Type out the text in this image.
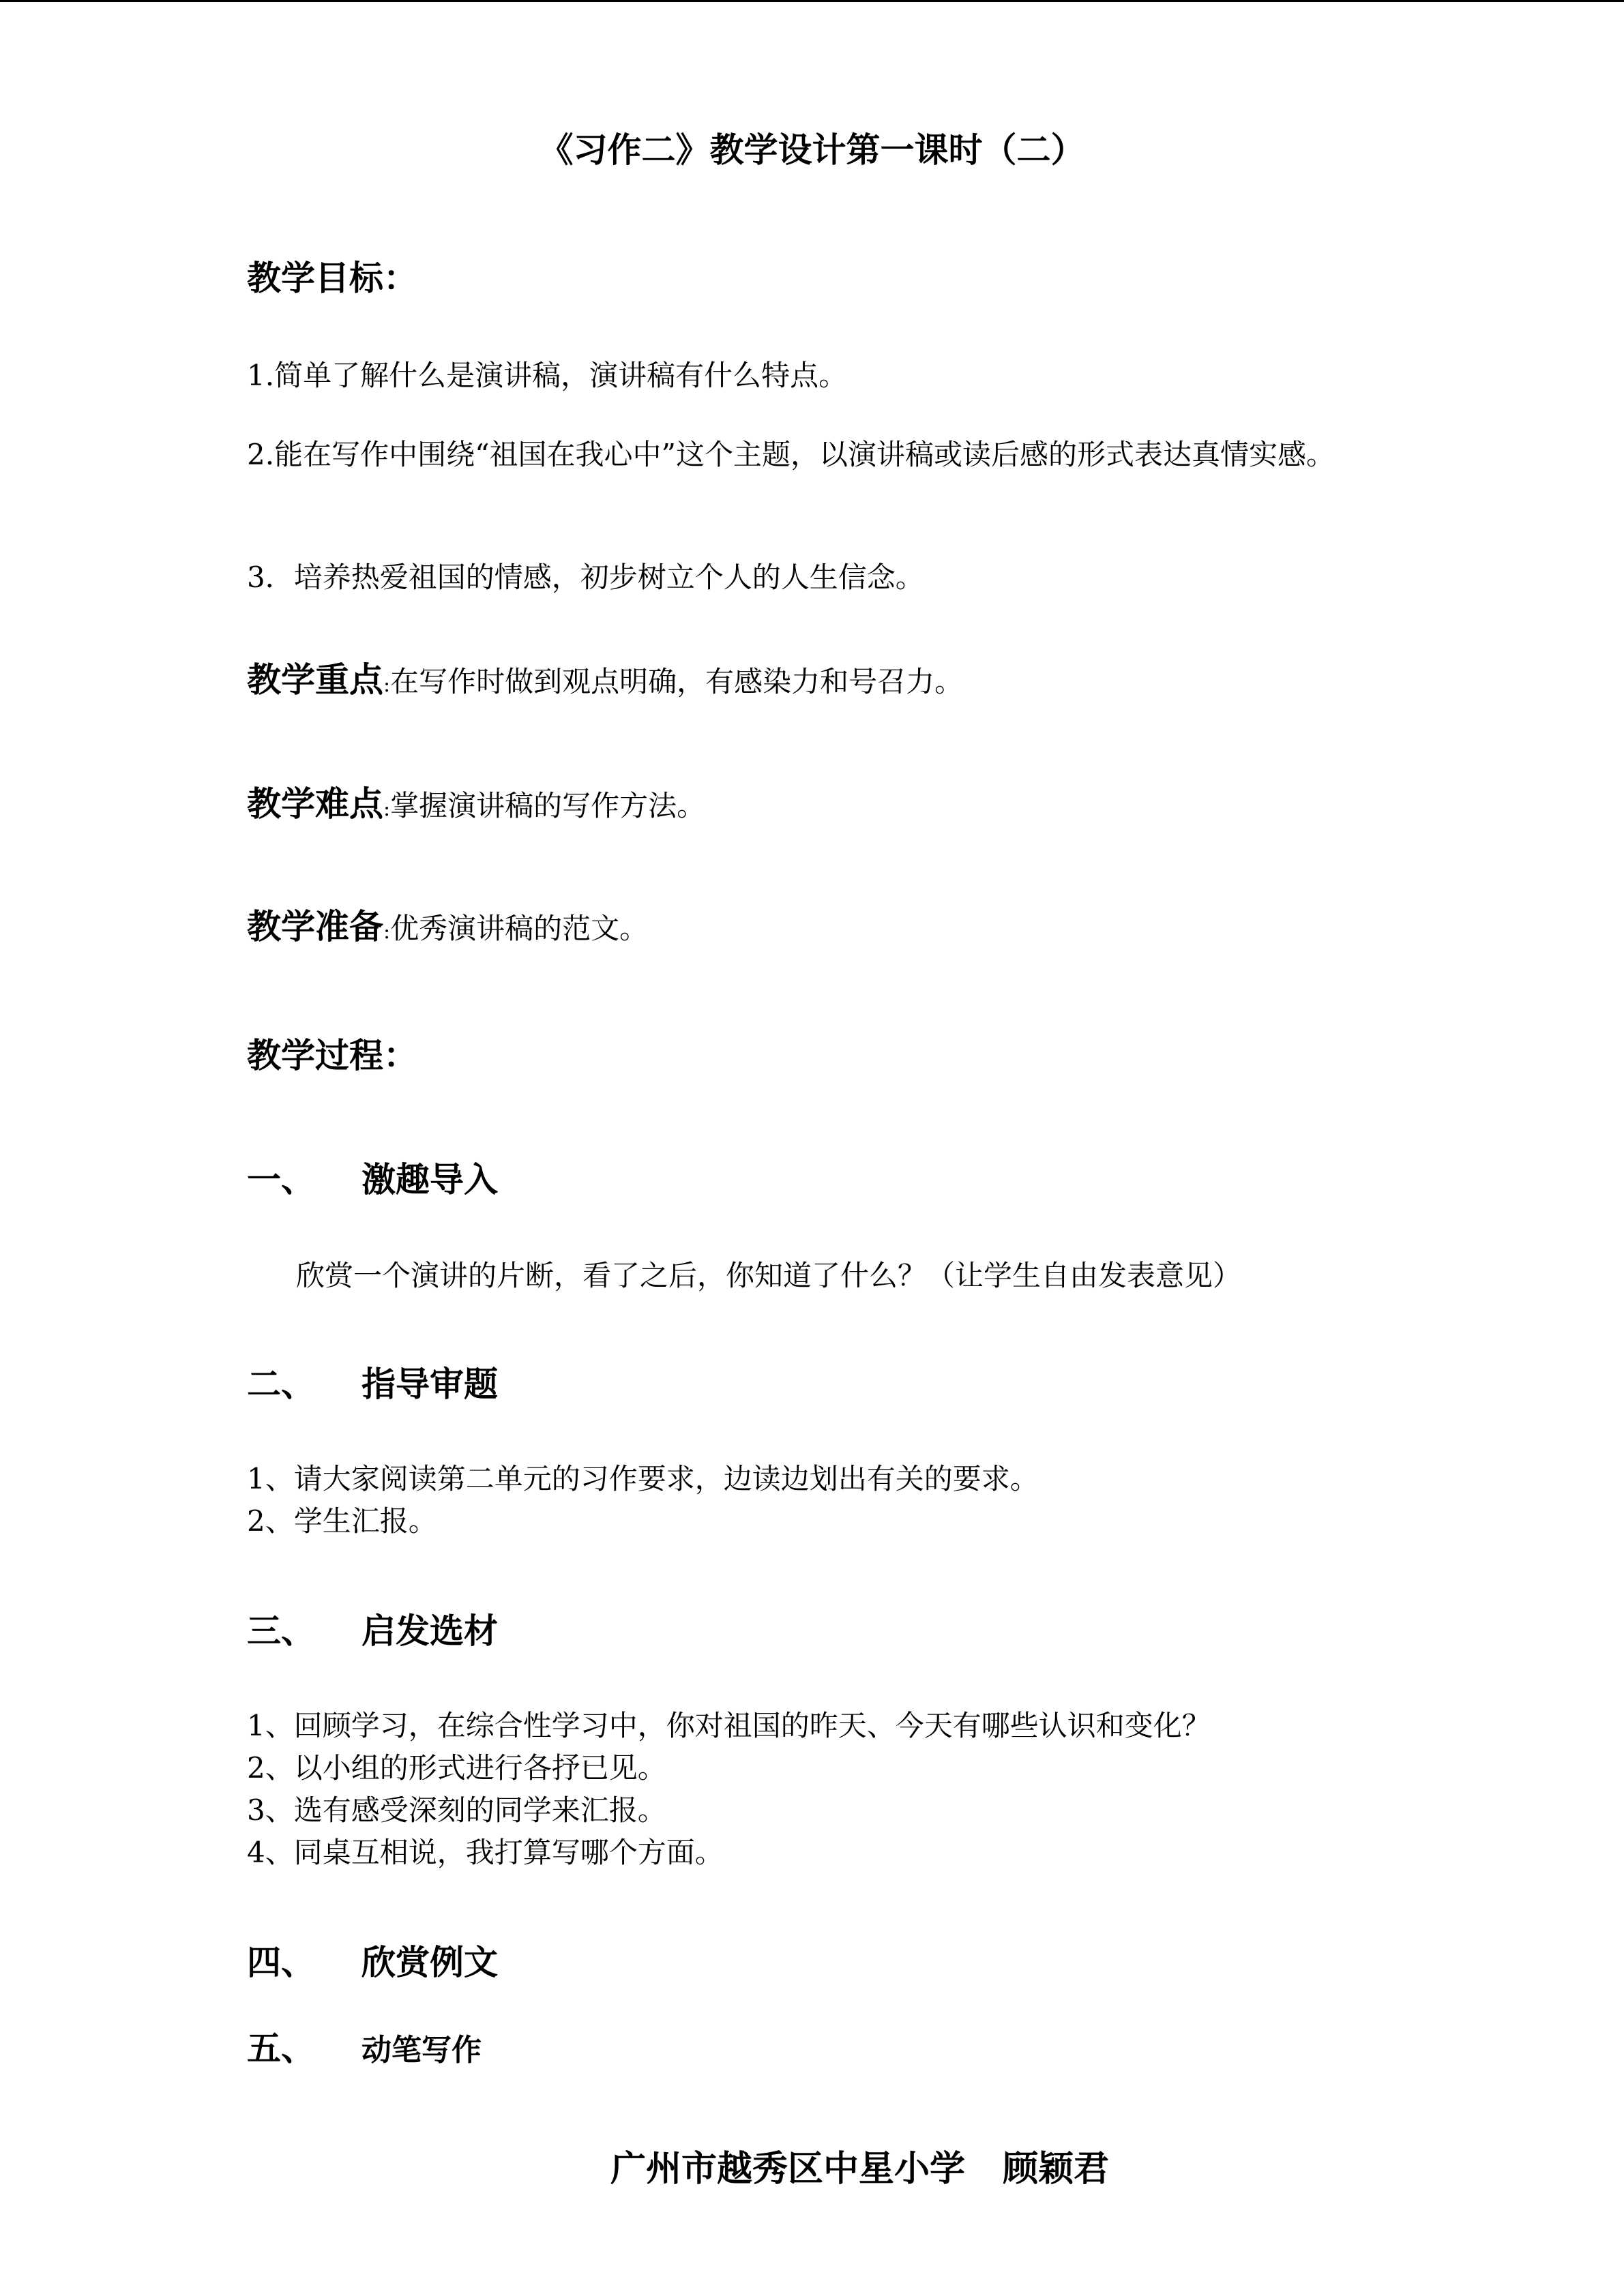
《习作二》教学设计第一课时（二）
教学目标：
1.简单了解什么是演讲稿，演讲稿有什么特点。
2.能在写作中围绕“祖国在我心中”这个主题，以演讲稿或读后感的形式表达真情实感。
3．培养热爱祖国的情感，初步树立个人的人生信念。
教学重点:在写作时做到观点明确，有感染力和号召力。
教学难点:掌握演讲稿的写作方法。
教学准备:优秀演讲稿的范文。
教学过程：
一、 激趣导入
欣赏一个演讲的片断，看了之后，你知道了什么？（让学生自由发表意见）
二、 指导审题
1、请大家阅读第二单元的习作要求，边读边划出有关的要求。
2、学生汇报。
三、 启发选材
1、回顾学习，在综合性学习中，你对祖国的昨天、今天有哪些认识和变化？
2、以小组的形式进行各抒已见。
3、选有感受深刻的同学来汇报。
4、同桌互相说，我打算写哪个方面。
四、 欣赏例文
五、 动笔写作
广州市越秀区中星小学 顾颖君
